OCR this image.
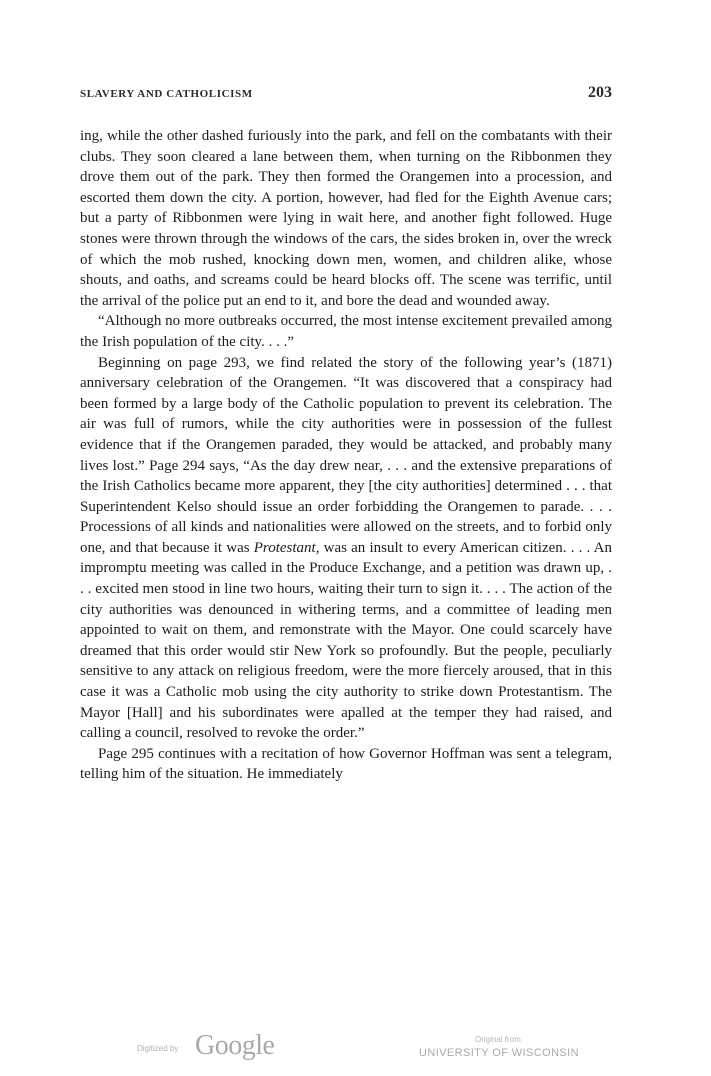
SLAVERY AND CATHOLICISM	203

ing, while the other dashed furiously into the park, and fell on the combatants with their clubs. They soon cleared a lane between them, when turning on the Ribbonmen they drove them out of the park. They then formed the Orangemen into a procession, and escorted them down the city. A portion, however, had fled for the Eighth Avenue cars; but a party of Ribbonmen were lying in wait here, and another fight followed. Huge stones were thrown through the windows of the cars, the sides broken in, over the wreck of which the mob rushed, knocking down men, women, and children alike, whose shouts, and oaths, and screams could be heard blocks off. The scene was terrific, until the arrival of the police put an end to it, and bore the dead and wounded away.

“Although no more outbreaks occurred, the most intense excitement prevailed among the Irish population of the city. . . .”

Beginning on page 293, we find related the story of the following year’s (1871) anniversary celebration of the Orangemen. “It was discovered that a conspiracy had been formed by a large body of the Catholic population to prevent its celebration. The air was full of rumors, while the city authorities were in possession of the fullest evidence that if the Orangemen paraded, they would be attacked, and probably many lives lost.” Page 294 says, “As the day drew near, . . . and the extensive preparations of the Irish Catholics became more apparent, they [the city authorities] determined . . . that Superintendent Kelso should issue an order forbidding the Orangemen to parade. . . . Processions of all kinds and nationalities were allowed on the streets, and to forbid only one, and that because it was Protestant, was an insult to every American citizen. . . . An impromptu meeting was called in the Produce Exchange, and a petition was drawn up, . . . excited men stood in line two hours, waiting their turn to sign it. . . . The action of the city authorities was denounced in withering terms, and a committee of leading men appointed to wait on them, and remonstrate with the Mayor. One could scarcely have dreamed that this order would stir New York so profoundly. But the people, peculiarly sensitive to any attack on religious freedom, were the more fiercely aroused, that in this case it was a Catholic mob using the city authority to strike down Protestantism. The Mayor [Hall] and his subordinates were apalled at the temper they had raised, and calling a council, resolved to revoke the order.”

Page 295 continues with a recitation of how Governor Hoffman was sent a telegram, telling him of the situation. He immediately

Digitized by Google	Original from
UNIVERSITY OF WISCONSIN
